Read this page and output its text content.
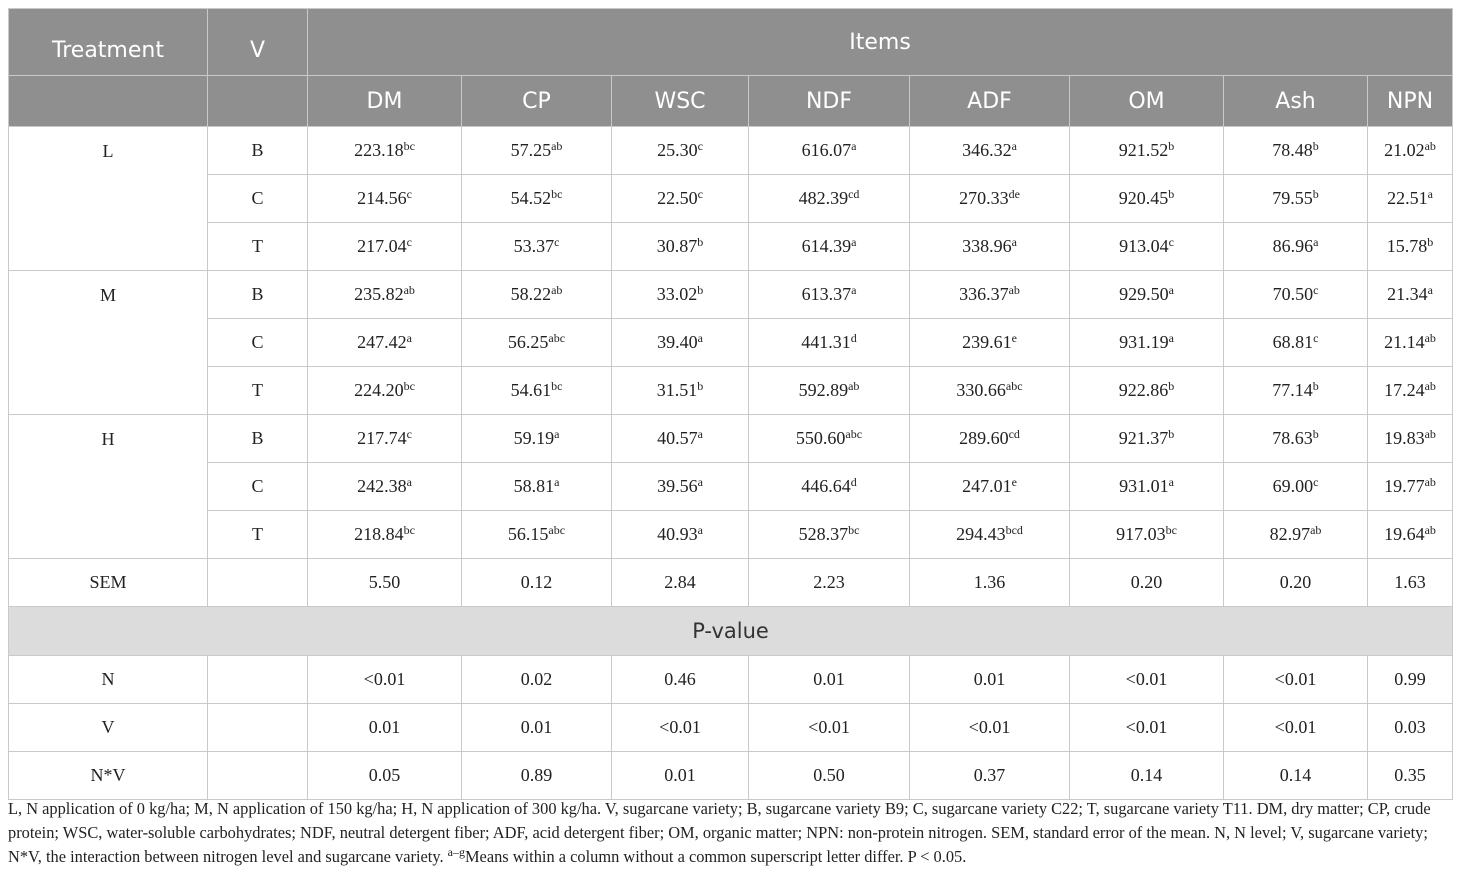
Treatment	V	Items							
		DM	CP	WSC	NDF	ADF	OM	Ash	NPN
L	B	223.18$^{bc}$	57.25$^{ab}$	25.30$^c$	616.07$^a$	346.32$^a$	921.52$^b$	78.48$^b$	21.02$^{ab}$
	C	214.56$^c$	54.52$^{bc}$	22.50$^c$	482.39$^{cd}$	270.33de	920.45$^b$	79.55$^b$	22.51$^a$
	T	217.04$^c$	53.37$^c$	30.87$^b$	614.39$^a$	338.96$^a$	913.04$^c$	86.96$^a$	15.78$^b$
M	B	235.82$^{ab}$	58.22$^{ab}$	33.02$^b$	613.37$^a$	336.37$^{ab}$	929.50$^a$	70.50$^c$	21.34$^a$
	C	247.42$^a$	56.25$^{abc}$	39.40$^a$	441.31$^d$	239.61e	931.19$^a$	68.81$^c$	21.14$^{ab}$
	T	224.20$^{bc}$	54.61$^{bc}$	31.51$^b$	592.89$^{ab}$	330.66$^{abc}$	922.86$^b$	77.14$^b$	17.24$^{ab}$
H	B	217.74$^c$	59.19$^a$	40.57$^a$	550.60$^{abc}$	289.60$^{cd}$	921.37$^b$	78.63$^b$	19.83$^{ab}$
	C	242.38$^a$	58.81$^a$	39.56$^a$	446.64$^d$	247.01e	931.01$^a$	69.00$^c$	19.77$^{ab}$
	T	218.84$^{bc}$	56.15$^{abc}$	40.93$^a$	528.37$^{bc}$	294.43$^{bcd}$	917.03$^{bc}$	82.97$^{ab}$	19.64$^{ab}$
SEM		5.50	0.12	2.84	2.23	1.36	0.20	0.20	1.63
P-value									
N		<0.01	0.02	0.46	0.01	0.01	<0.01	<0.01	0.99
V		0.01	0.01	<0.01	<0.01	<0.01	<0.01	<0.01	0.03
N*V		0.05	0.89	0.01	0.50	0.37	0.14	0.14	0.35
L, N application of 0 kg/ha; M, N application of 150 kg/ha; H, N application of 300 kg/ha. V, sugarcane variety; B, sugarcane variety B9; C, sugarcane variety C22; T, sugarcane variety T11. DM, dry matter; CP, crude protein; WSC, water-soluble carbohydrates; NDF, neutral detergent fiber; ADF, acid detergent fiber; OM, organic matter; NPN: non-protein nitrogen. SEM, standard error of the mean. N, N level; V, sugarcane variety; N*V, the interaction between nitrogen level and sugarcane variety. $^{a-g}$Means within a column without a common superscript letter differ. P < 0.05.
